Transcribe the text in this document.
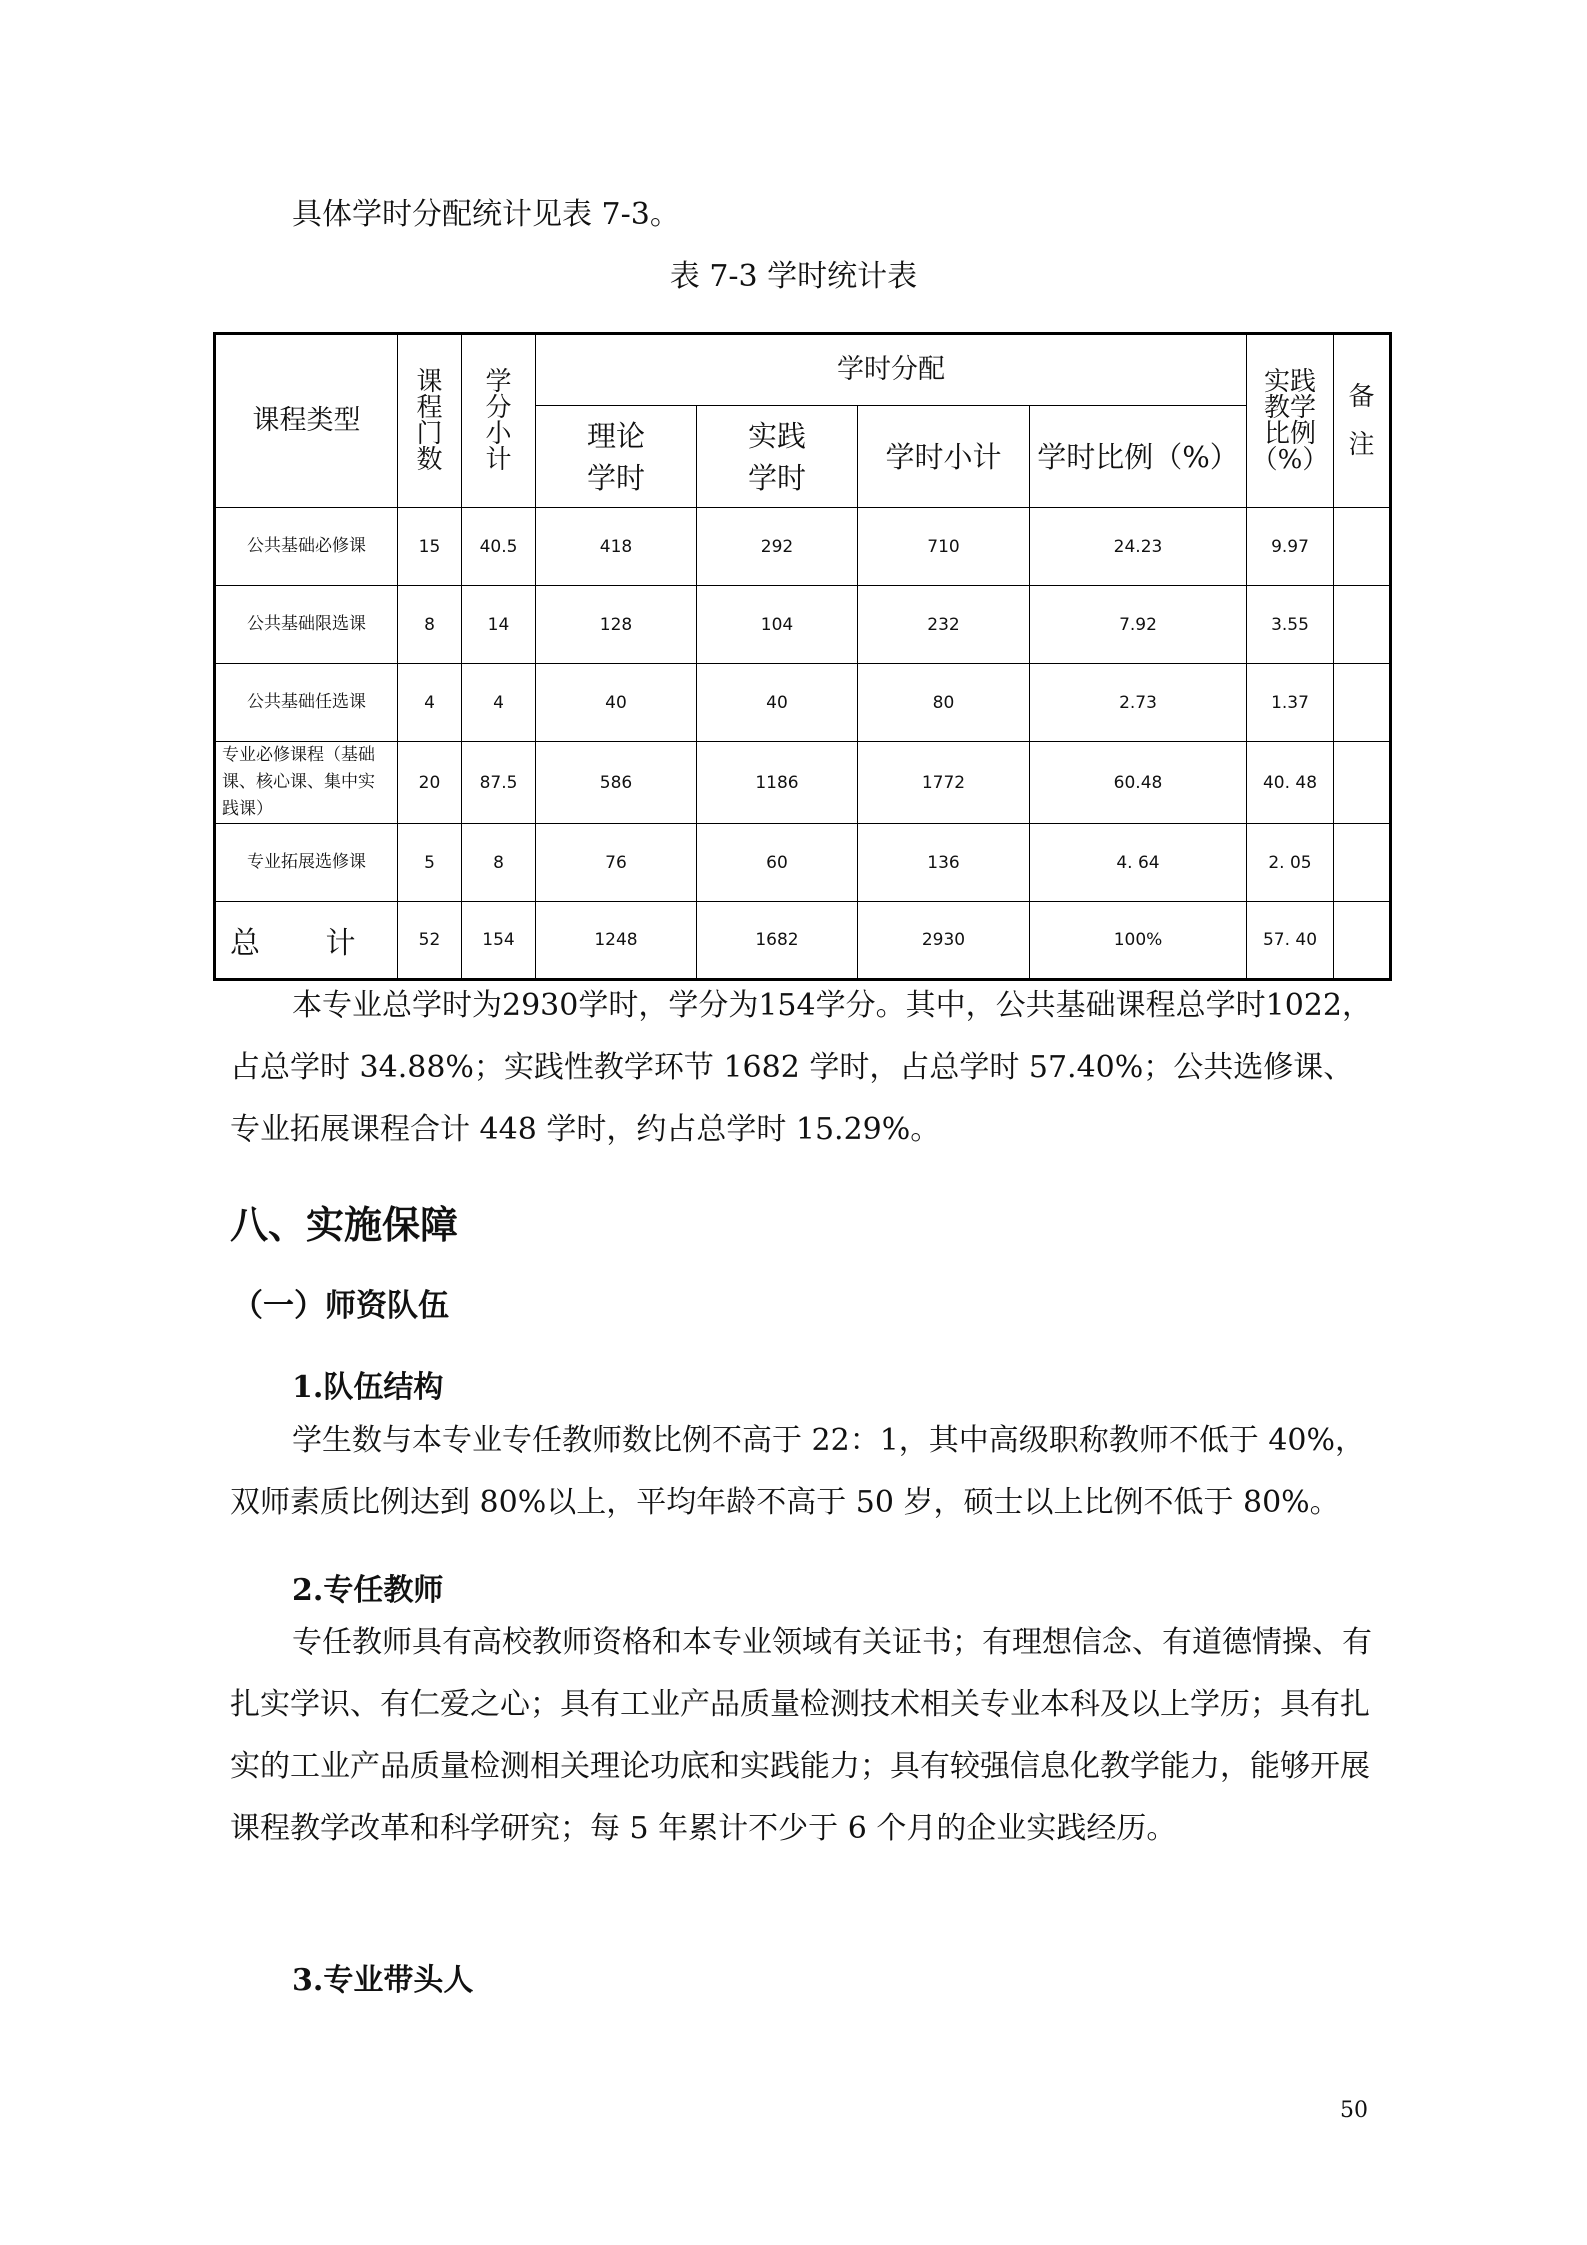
具体学时分配统计见表 7-3。
表 7-3 学时统计表
课程类型	课
程
门
数	学
分
小
计	学时分配				实践
教学
比例
（%）	备
注
			理论
学时	实践
学时	学时小计	学时比例（%）		
公共基础必修课	15	40.5	418	292	710	24.23	9.97	
公共基础限选课	8	14	128	104	232	7.92	3.55	
公共基础任选课	4	4	40	40	80	2.73	1.37	
专业必修课程（基础课、核心课、集中实践课）	20	87.5	586	1186	1772	60.48	40. 48	
专业拓展选修课	5	8	76	60	136	4. 64	2. 05	
总 计	52	154	1248	1682	2930	100%	57. 40	
本专业总学时为2930学时，学分为154学分。其中，公共基础课程总学时1022，占总学时 34.88%；实践性教学环节 1682 学时，占总学时 57.40%；公共选修课、专业拓展课程合计 448 学时，约占总学时 15.29%。
八、实施保障
（一）师资队伍
1.队伍结构
学生数与本专业专任教师数比例不高于 22：1，其中高级职称教师不低于 40%，双师素质比例达到 80%以上，平均年龄不高于 50 岁，硕士以上比例不低于 80%。
2.专任教师
专任教师具有高校教师资格和本专业领域有关证书；有理想信念、有道德情操、有扎实学识、有仁爱之心；具有工业产品质量检测技术相关专业本科及以上学历；具有扎实的工业产品质量检测相关理论功底和实践能力；具有较强信息化教学能力，能够开展课程教学改革和科学研究；每 5 年累计不少于 6 个月的企业实践经历。
3.专业带头人
50
